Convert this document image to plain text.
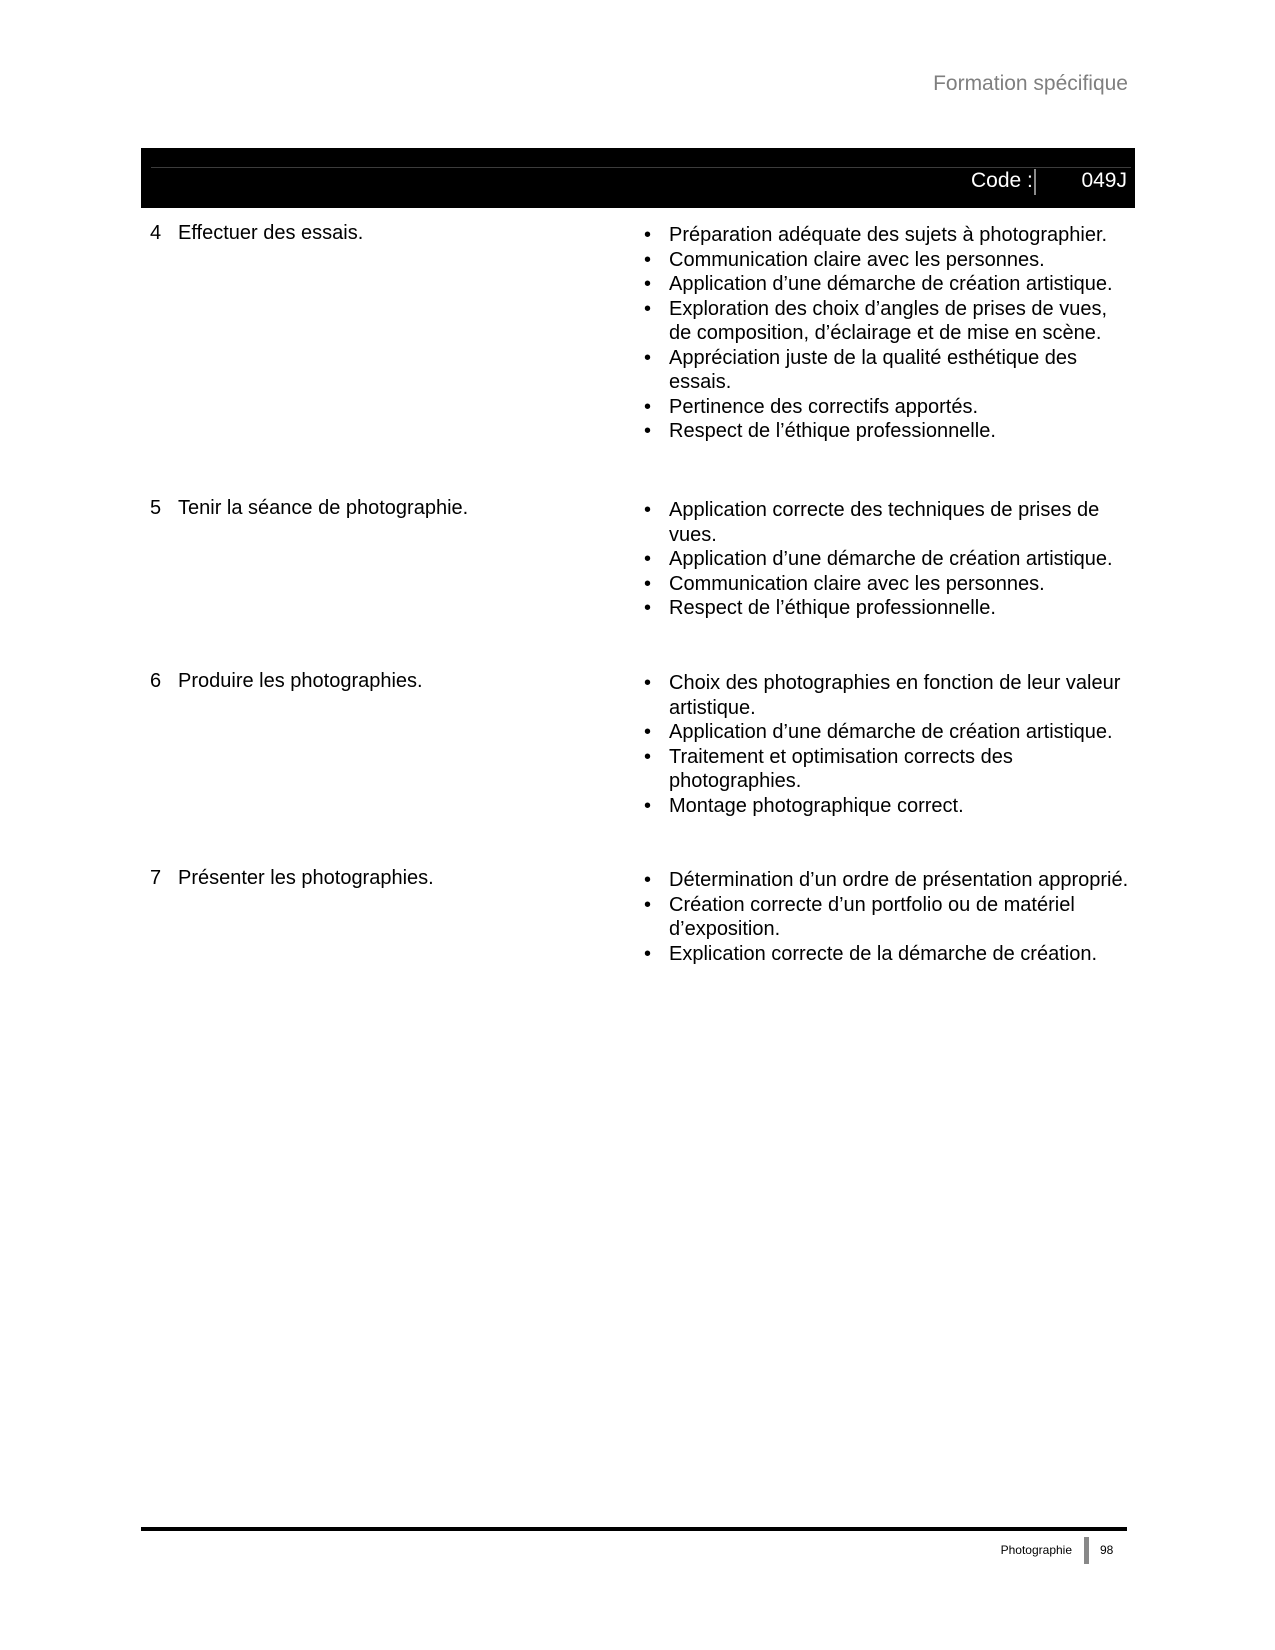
Formation spécifique
Code : 049J
4 Effectuer des essais.	• Préparation adéquate des sujets à photographier.
• Communication claire avec les personnes.
• Application d’une démarche de création artistique.
• Exploration des choix d’angles de prises de vues, de composition, d’éclairage et de mise en scène.
• Appréciation juste de la qualité esthétique des essais.
• Pertinence des correctifs apportés.
• Respect de l’éthique professionnelle.
5 Tenir la séance de photographie.	• Application correcte des techniques de prises de vues.
• Application d’une démarche de création artistique.
• Communication claire avec les personnes.
• Respect de l’éthique professionnelle.
6 Produire les photographies.	• Choix des photographies en fonction de leur valeur artistique.
• Application d’une démarche de création artistique.
• Traitement et optimisation corrects des photographies.
• Montage photographique correct.
7 Présenter les photographies.	• Détermination d’un ordre de présentation approprié.
• Création correcte d’un portfolio ou de matériel d’exposition.
• Explication correcte de la démarche de création.
Photographie 98
